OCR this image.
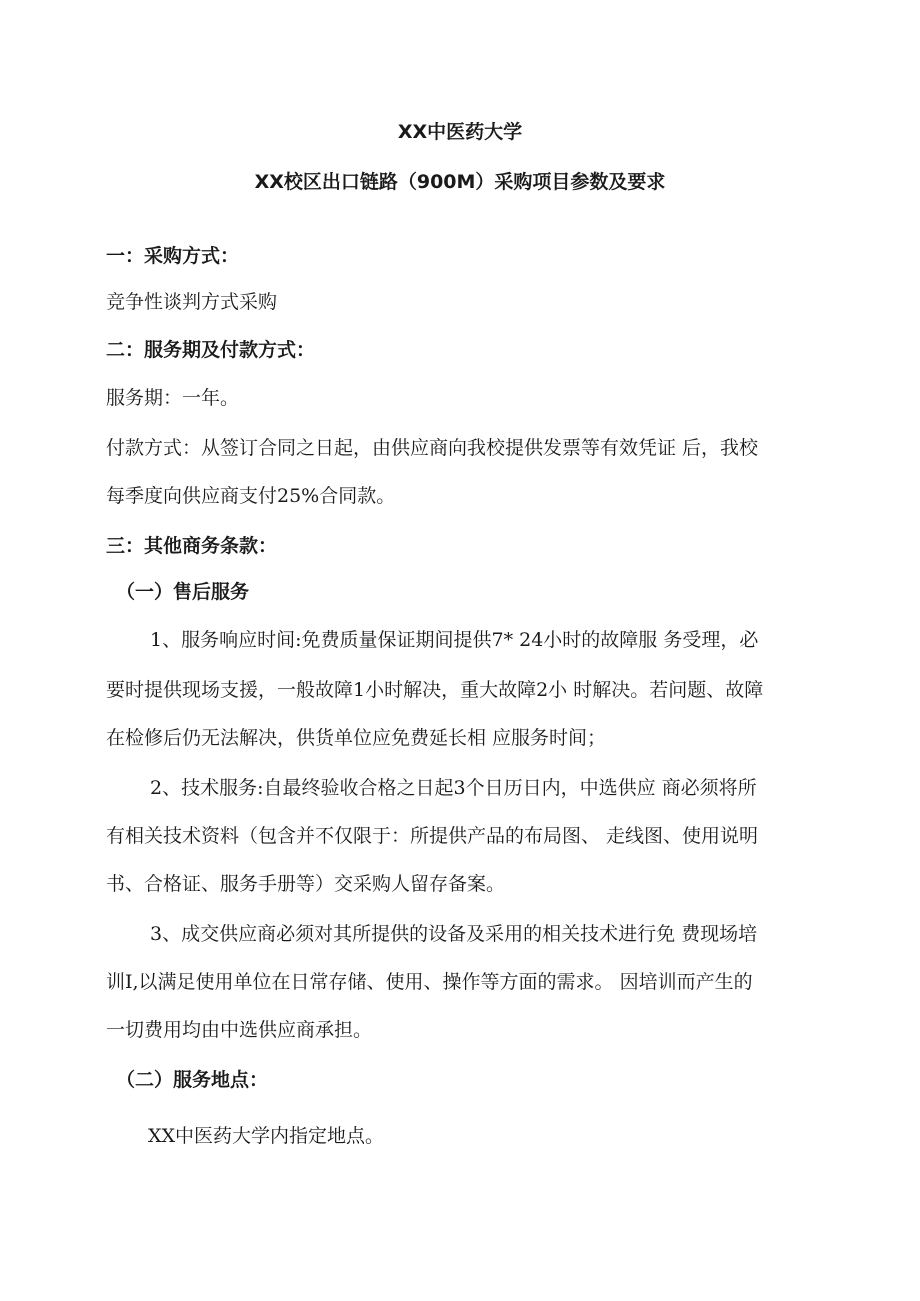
XX中医药大学
XX校区出口链路（900M）采购项目参数及要求
一：采购方式：
竞争性谈判方式采购
二：服务期及付款方式：
服务期：一年。
付款方式：从签订合同之日起，由供应商向我校提供发票等有效凭证 后，我校
每季度向供应商支付25%合同款。
三：其他商务条款：
（一）售后服务
1、服务响应时间:免费质量保证期间提供7* 24小时的故障服 务受理，必
要时提供现场支援，一般故障1小时解决，重大故障2小 时解决。若问题、故障
在检修后仍无法解决，供货单位应免费延长相 应服务时间；
2、技术服务:自最终验收合格之日起3个日历日内，中选供应 商必须将所
有相关技术资料（包含并不仅限于：所提供产品的布局图、 走线图、使用说明
书、合格证、服务手册等）交采购人留存备案。
3、成交供应商必须对其所提供的设备及采用的相关技术进行免 费现场培
训I,以满足使用单位在日常存储、使用、操作等方面的需求。 因培训而产生的
一切费用均由中选供应商承担。
（二）服务地点：
XX中医药大学内指定地点。
